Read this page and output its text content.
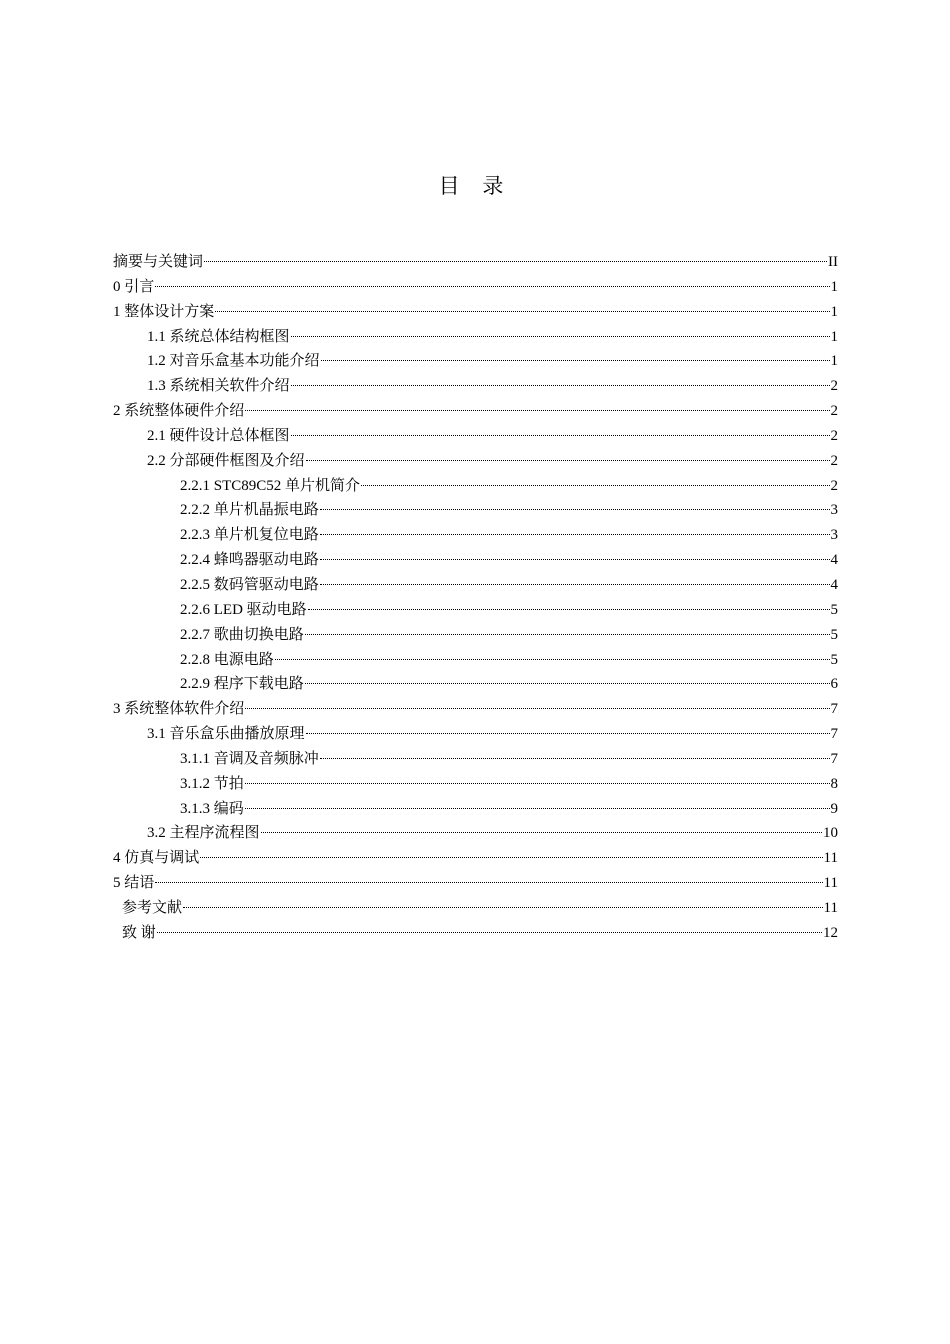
目 录
摘要与关键词	II
0 引言	1
1 整体设计方案	1
1.1 系统总体结构框图	1
1.2 对音乐盒基本功能介绍	1
1.3 系统相关软件介绍	2
2 系统整体硬件介绍	2
2.1 硬件设计总体框图	2
2.2 分部硬件框图及介绍	2
2.2.1 STC89C52 单片机简介	2
2.2.2 单片机晶振电路	3
2.2.3 单片机复位电路	3
2.2.4 蜂鸣器驱动电路	4
2.2.5 数码管驱动电路	4
2.2.6 LED 驱动电路	5
2.2.7 歌曲切换电路	5
2.2.8 电源电路	5
2.2.9 程序下载电路	6
3 系统整体软件介绍	7
3.1 音乐盒乐曲播放原理	7
3.1.1 音调及音频脉冲	7
3.1.2 节拍	8
3.1.3 编码	9
3.2 主程序流程图	10
4 仿真与调试	11
5 结语	11
参考文献	11
致 谢	12
